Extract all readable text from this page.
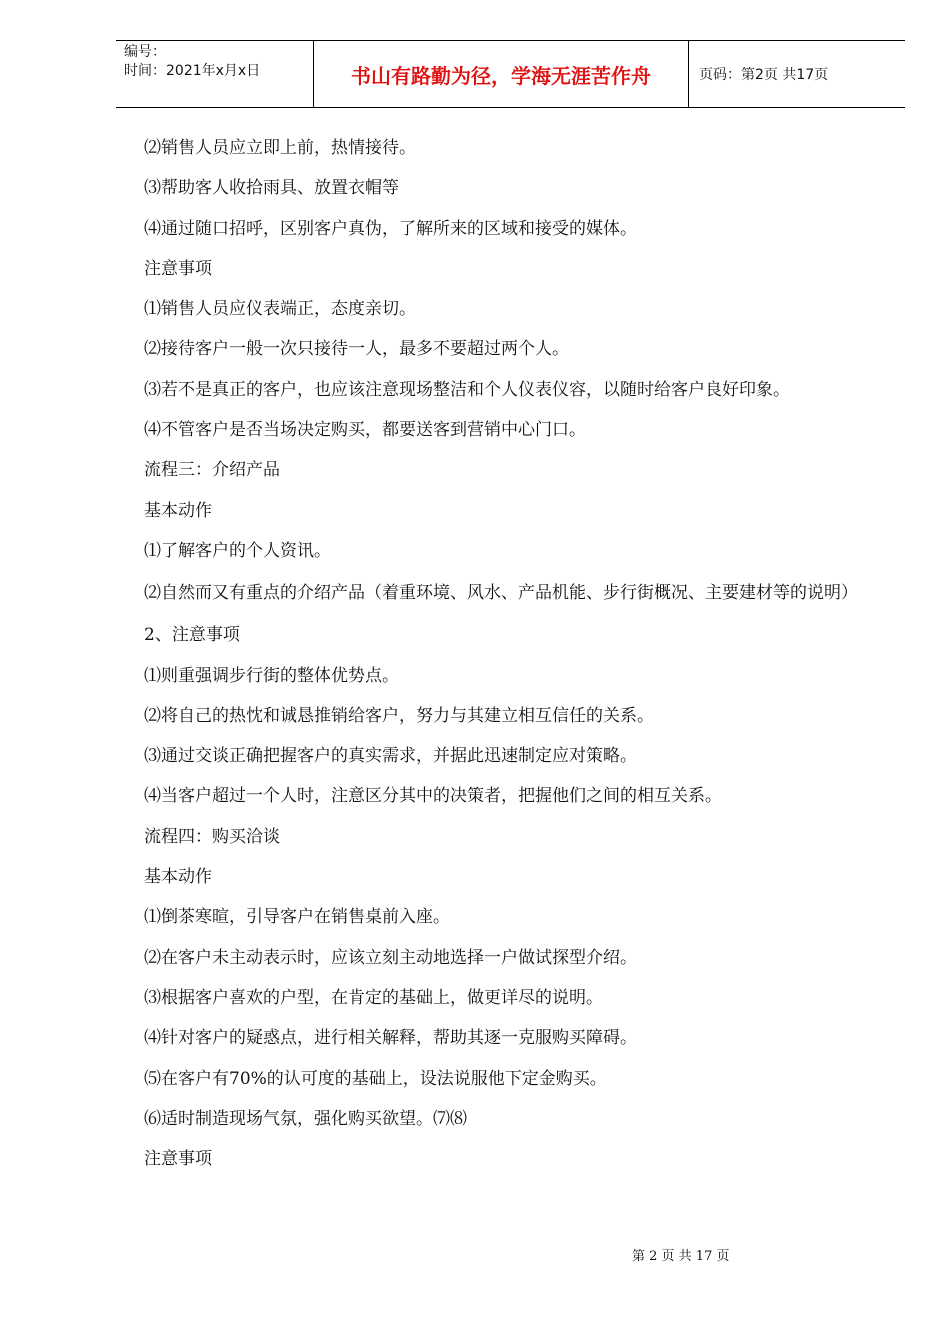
编号：
时间：2021年x月x日	书山有路勤为径，学海无涯苦作舟	页码：第2页 共17页
⑵销售人员应立即上前，热情接待。
⑶帮助客人收拾雨具、放置衣帽等
⑷通过随口招呼，区别客户真伪，了解所来的区域和接受的媒体。
注意事项
⑴销售人员应仪表端正，态度亲切。
⑵接待客户一般一次只接待一人，最多不要超过两个人。
⑶若不是真正的客户，也应该注意现场整洁和个人仪表仪容，以随时给客户良好印象。
⑷不管客户是否当场决定购买，都要送客到营销中心门口。
流程三：介绍产品
基本动作
⑴了解客户的个人资讯。
⑵自然而又有重点的介绍产品（着重环境、风水、产品机能、步行街概况、主要建材等的说明）
2、注意事项
⑴则重强调步行街的整体优势点。
⑵将自己的热忱和诚恳推销给客户，努力与其建立相互信任的关系。
⑶通过交谈正确把握客户的真实需求，并据此迅速制定应对策略。
⑷当客户超过一个人时，注意区分其中的决策者，把握他们之间的相互关系。
流程四：购买洽谈
基本动作
⑴倒茶寒暄，引导客户在销售桌前入座。
⑵在客户未主动表示时，应该立刻主动地选择一户做试探型介绍。
⑶根据客户喜欢的户型，在肯定的基础上，做更详尽的说明。
⑷针对客户的疑惑点，进行相关解释，帮助其逐一克服购买障碍。
⑸在客户有70%的认可度的基础上，设法说服他下定金购买。
⑹适时制造现场气氛，强化购买欲望。⑺⑻
注意事项
第 2 页 共 17 页
